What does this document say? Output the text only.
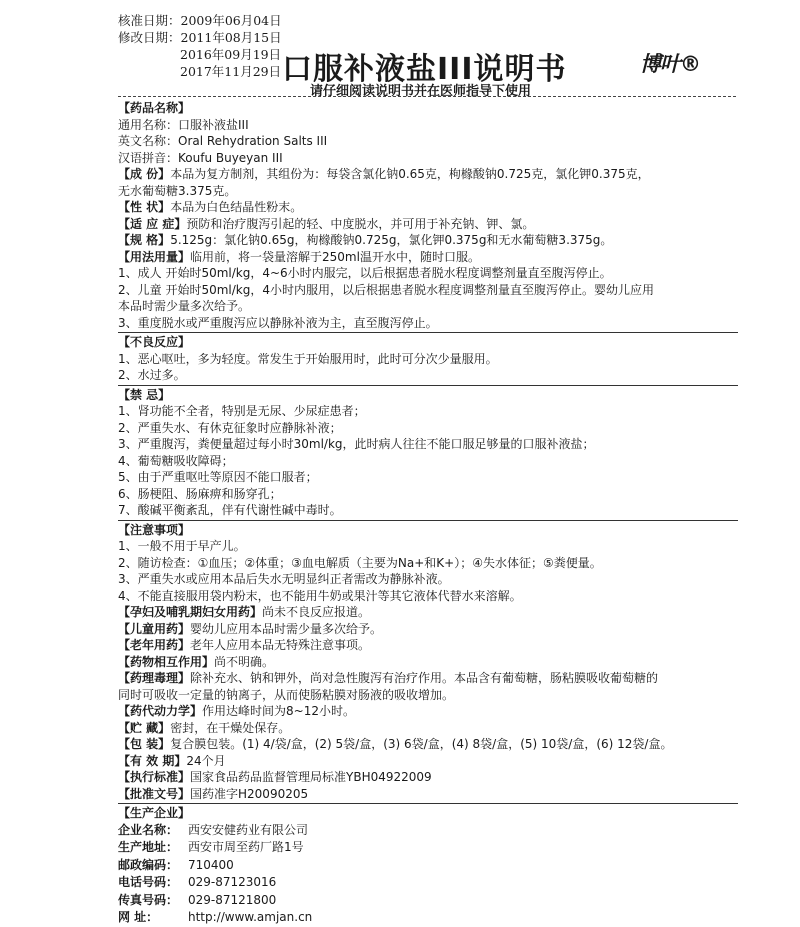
核准日期：2009年06月04日
修改日期：2011年08月15日
2016年09月19日
2017年11月29日 口服补液盐III说明书	博叶®
请仔细阅读说明书并在医师指导下使用
【药品名称】
通用名称：口服补液盐III
英文名称：Oral Rehydration Salts III
汉语拼音：Koufu Buyeyan III
【成 份】本品为复方制剂，其组份为：每袋含氯化钠0.65克，枸橼酸钠0.725克，氯化钾0.375克，
无水葡萄糖3.375克。
【性 状】本品为白色结晶性粉末。
【适 应 症】预防和治疗腹泻引起的轻、中度脱水，并可用于补充钠、钾、氯。
【规 格】5.125g：氯化钠0.65g，枸橼酸钠0.725g，氯化钾0.375g和无水葡萄糖3.375g。
【用法用量】临用前，将一袋量溶解于250ml温开水中，随时口服。
1、成人 开始时50ml/kg，4~6小时内服完，以后根据患者脱水程度调整剂量直至腹泻停止。
2、儿童 开始时50ml/kg，4小时内服用，以后根据患者脱水程度调整剂量直至腹泻停止。婴幼儿应用
本品时需少量多次给予。
3、重度脱水或严重腹泻应以静脉补液为主，直至腹泻停止。
【不良反应】
1、恶心呕吐，多为轻度。常发生于开始服用时，此时可分次少量服用。
2、水过多。
【禁 忌】
1、肾功能不全者，特别是无尿、少尿症患者；
2、严重失水、有休克征象时应静脉补液；
3、严重腹泻，粪便量超过每小时30ml/kg，此时病人往往不能口服足够量的口服补液盐；
4、葡萄糖吸收障碍；
5、由于严重呕吐等原因不能口服者；
6、肠梗阻、肠麻痹和肠穿孔；
7、酸碱平衡紊乱，伴有代谢性碱中毒时。
【注意事项】
1、一般不用于早产儿。
2、随访检查：①血压；②体重；③血电解质（主要为Na+和K+）；④失水体征；⑤粪便量。
3、严重失水或应用本品后失水无明显纠正者需改为静脉补液。
4、不能直接服用袋内粉末，也不能用牛奶或果汁等其它液体代替水来溶解。
【孕妇及哺乳期妇女用药】尚未不良反应报道。
【儿童用药】婴幼儿应用本品时需少量多次给予。
【老年用药】老年人应用本品无特殊注意事项。
【药物相互作用】尚不明确。
【药理毒理】除补充水、钠和钾外，尚对急性腹泻有治疗作用。本品含有葡萄糖，肠粘膜吸收葡萄糖的
同时可吸收一定量的钠离子，从而使肠粘膜对肠液的吸收增加。
【药代动力学】作用达峰时间为8~12小时。
【贮 藏】密封，在干燥处保存。
【包 装】复合膜包装。(1) 4/袋/盒，(2) 5袋/盒，(3) 6袋/盒，(4) 8袋/盒，(5) 10袋/盒，(6) 12袋/盒。
【有 效 期】24个月
【执行标准】国家食品药品监督管理局标准YBH04922009
【批准文号】国药准字H20090205
【生产企业】
企业名称： 西安安健药业有限公司
生产地址： 西安市周至药厂路1号
邮政编码： 710400
电话号码： 029-87123016
传真号码： 029-87121800
网 址： http://www.amjan.cn
